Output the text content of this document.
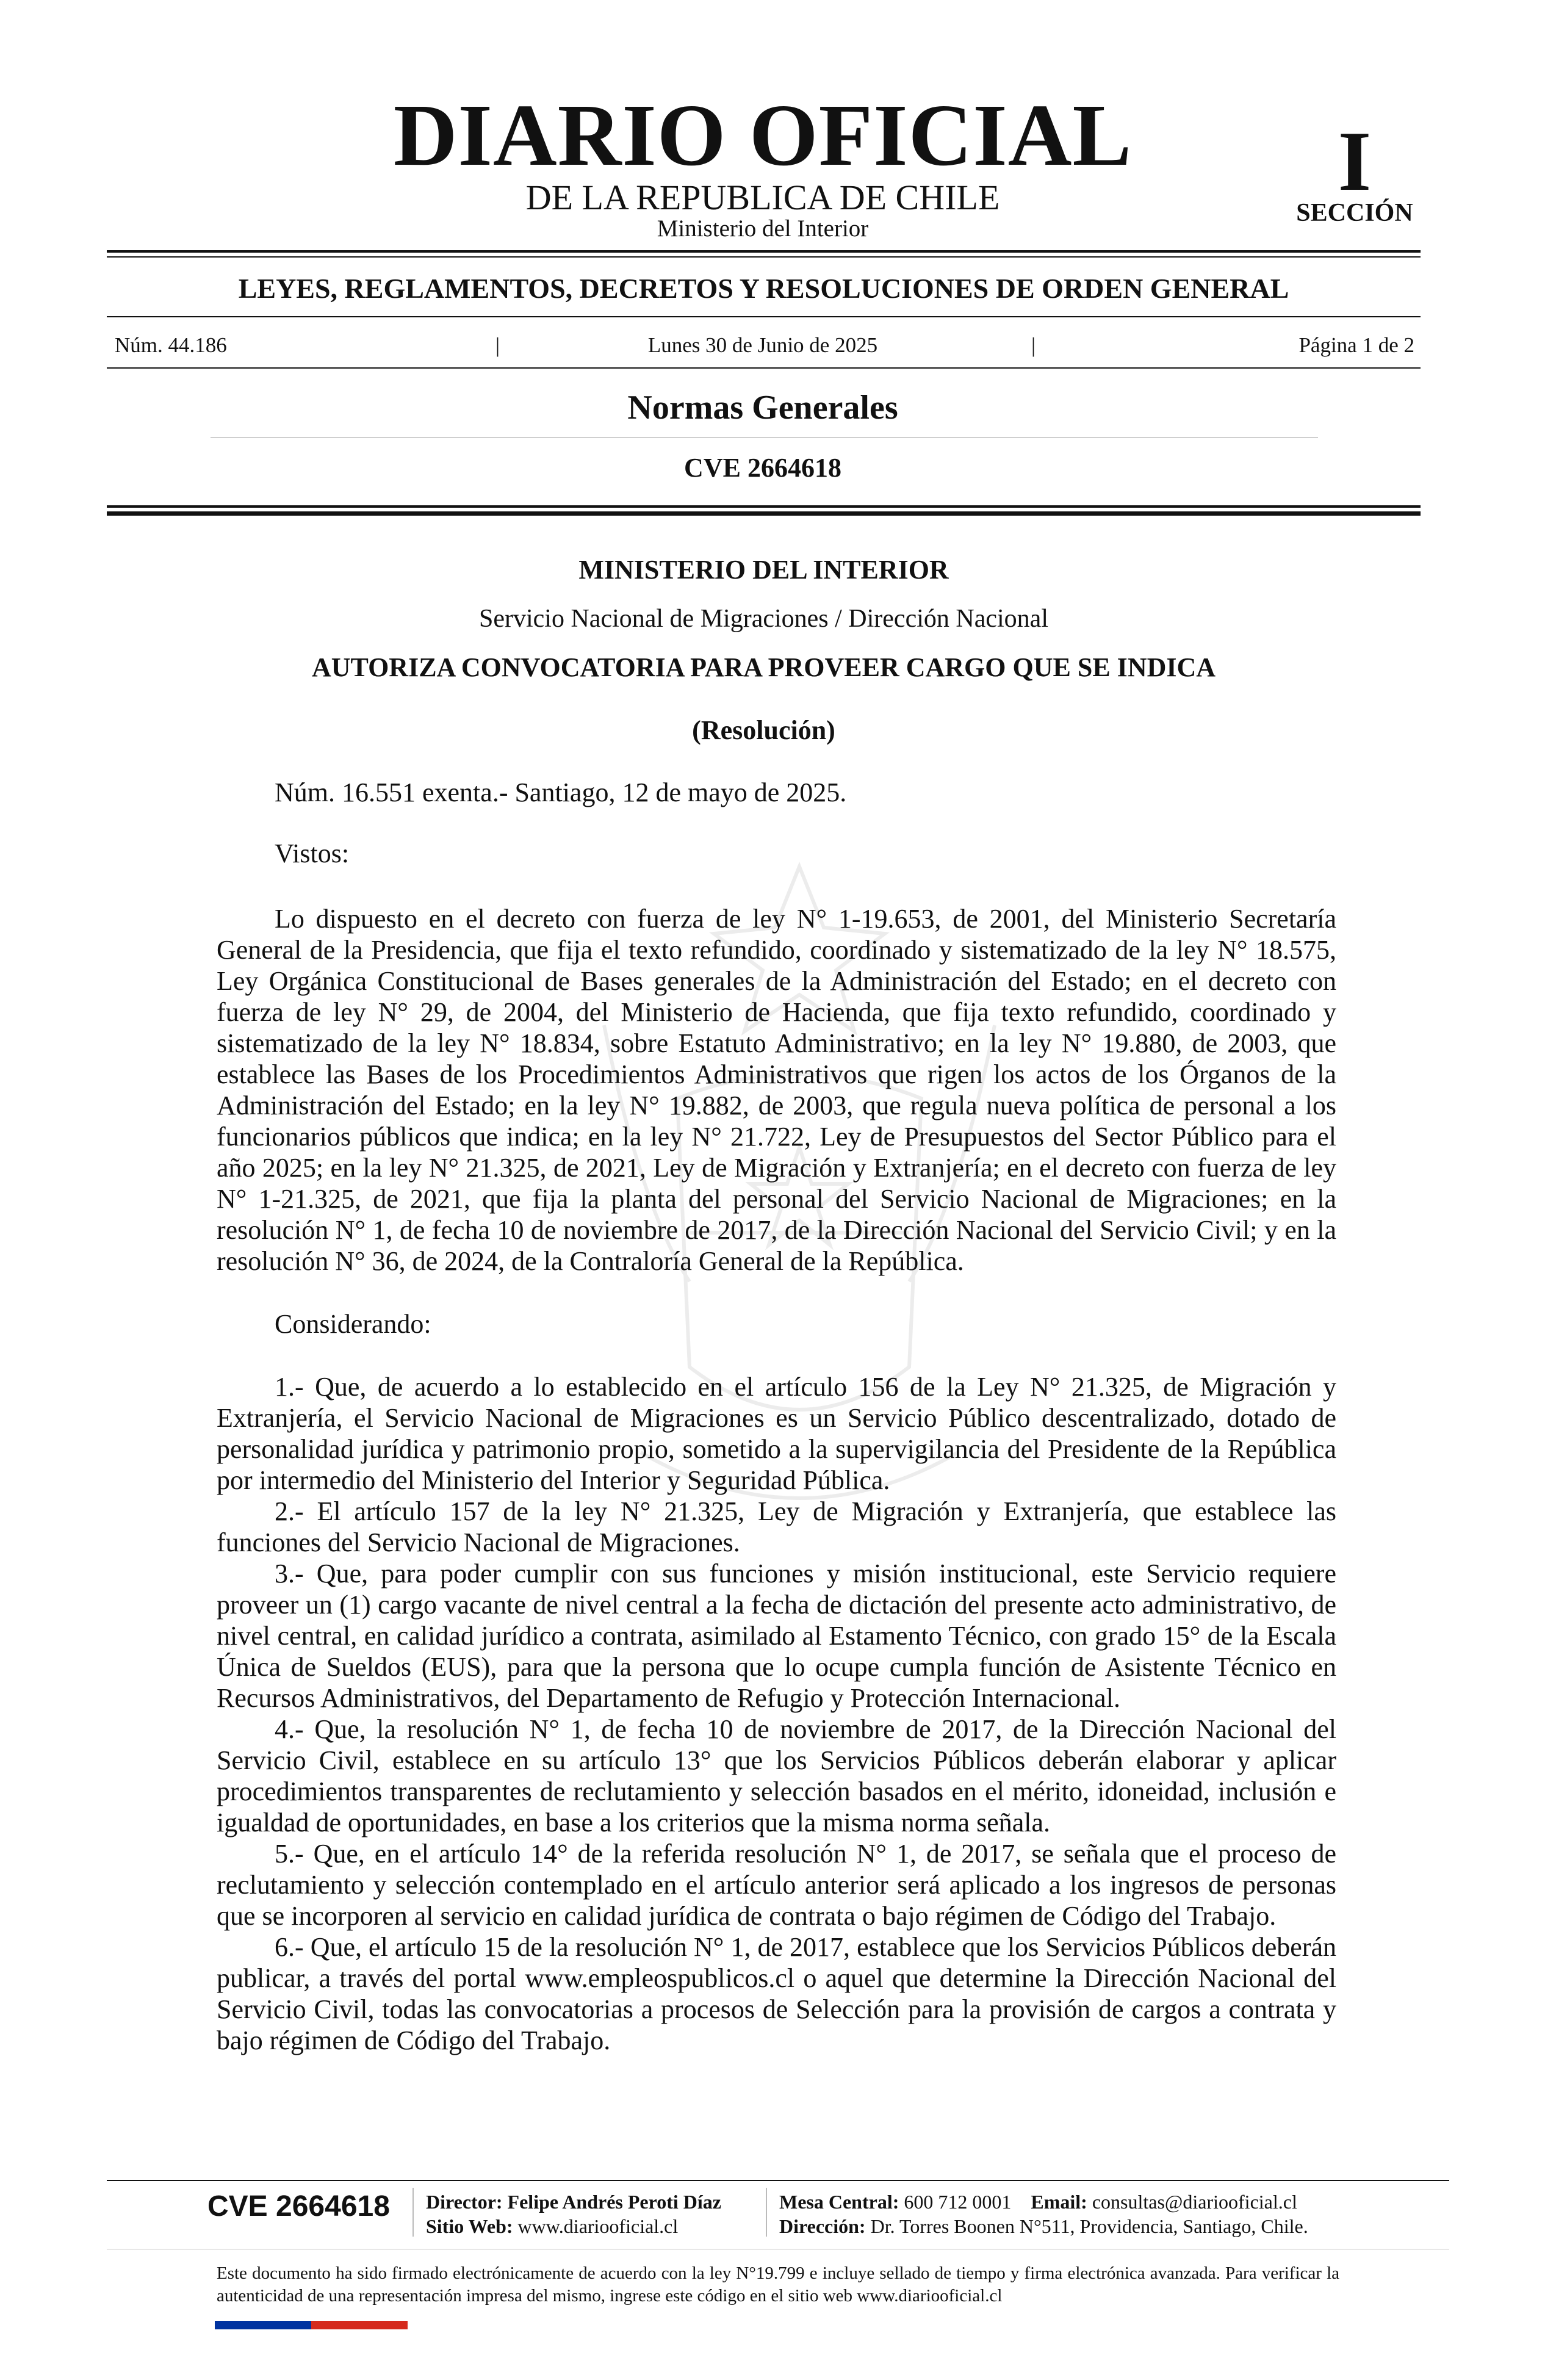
DIARIO OFICIAL
DE LA REPUBLICA DE CHILE
Ministerio del Interior
I
SECCIÓN
LEYES, REGLAMENTOS, DECRETOS Y RESOLUCIONES DE ORDEN GENERAL
Núm. 44.186	|	Lunes 30 de Junio de 2025	|	Página 1 de 2
Normas Generales
CVE 2664618
MINISTERIO DEL INTERIOR
Servicio Nacional de Migraciones / Dirección Nacional
AUTORIZA CONVOCATORIA PARA PROVEER CARGO QUE SE INDICA
(Resolución)
Núm. 16.551 exenta.- Santiago, 12 de mayo de 2025.
Vistos:

Lo dispuesto en el decreto con fuerza de ley N° 1-19.653, de 2001, del Ministerio Secretaría General de la Presidencia, que fija el texto refundido, coordinado y sistematizado de la ley N° 18.575, Ley Orgánica Constitucional de Bases generales de la Administración del Estado; en el decreto con fuerza de ley N° 29, de 2004, del Ministerio de Hacienda, que fija texto refundido, coordinado y sistematizado de la ley N° 18.834, sobre Estatuto Administrativo; en la ley N° 19.880, de 2003, que establece las Bases de los Procedimientos Administrativos que rigen los actos de los Órganos de la Administración del Estado; en la ley N° 19.882, de 2003, que regula nueva política de personal a los funcionarios públicos que indica; en la ley N° 21.722, Ley de Presupuestos del Sector Público para el año 2025; en la ley N° 21.325, de 2021, Ley de Migración y Extranjería; en el decreto con fuerza de ley N° 1-21.325, de 2021, que fija la planta del personal del Servicio Nacional de Migraciones; en la resolución N° 1, de fecha 10 de noviembre de 2017, de la Dirección Nacional del Servicio Civil; y en la resolución N° 36, de 2024, de la Contraloría General de la República.

Considerando:

1.- Que, de acuerdo a lo establecido en el artículo 156 de la Ley N° 21.325, de Migración y Extranjería, el Servicio Nacional de Migraciones es un Servicio Público descentralizado, dotado de personalidad jurídica y patrimonio propio, sometido a la supervigilancia del Presidente de la República por intermedio del Ministerio del Interior y Seguridad Pública.

2.- El artículo 157 de la ley N° 21.325, Ley de Migración y Extranjería, que establece las funciones del Servicio Nacional de Migraciones.

3.- Que, para poder cumplir con sus funciones y misión institucional, este Servicio requiere proveer un (1) cargo vacante de nivel central a la fecha de dictación del presente acto administrativo, de nivel central, en calidad jurídico a contrata, asimilado al Estamento Técnico, con grado 15° de la Escala Única de Sueldos (EUS), para que la persona que lo ocupe cumpla función de Asistente Técnico en Recursos Administrativos, del Departamento de Refugio y Protección Internacional.

4.- Que, la resolución N° 1, de fecha 10 de noviembre de 2017, de la Dirección Nacional del Servicio Civil, establece en su artículo 13° que los Servicios Públicos deberán elaborar y aplicar procedimientos transparentes de reclutamiento y selección basados en el mérito, idoneidad, inclusión e igualdad de oportunidades, en base a los criterios que la misma norma señala.

5.- Que, en el artículo 14° de la referida resolución N° 1, de 2017, se señala que el proceso de reclutamiento y selección contemplado en el artículo anterior será aplicado a los ingresos de personas que se incorporen al servicio en calidad jurídica de contrata o bajo régimen de Código del Trabajo.

6.- Que, el artículo 15 de la resolución N° 1, de 2017, establece que los Servicios Públicos deberán publicar, a través del portal www.empleospublicos.cl o aquel que determine la Dirección Nacional del Servicio Civil, todas las convocatorias a procesos de Selección para la provisión de cargos a contrata y bajo régimen de Código del Trabajo.

CVE 2664618 Director: Felipe Andrés Peroti Díaz
Sitio Web: www.diariooficial.cl
Mesa Central: 600 712 0001 Email: consultas@diariooficial.cl
Dirección: Dr. Torres Boonen N°511, Providencia, Santiago, Chile.
Este documento ha sido firmado electrónicamente de acuerdo con la ley N°19.799 e incluye sellado de tiempo y firma electrónica avanzada. Para verificar la autenticidad de una representación impresa del mismo, ingrese este código en el sitio web www.diariooficial.cl
